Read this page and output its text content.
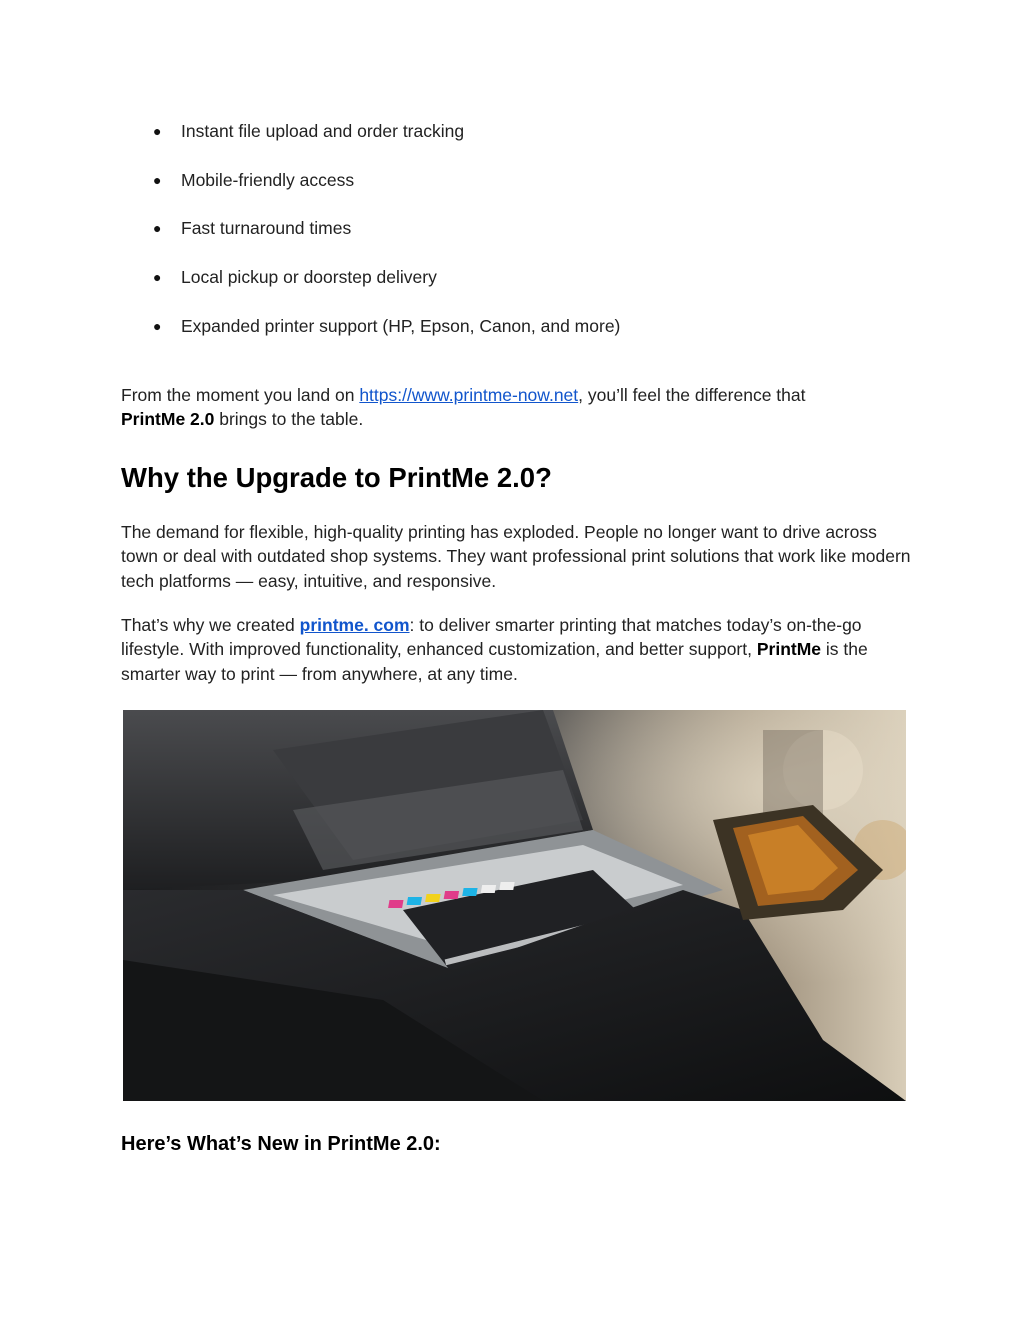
●	Instant file upload and order tracking
●	Mobile-friendly access
●	Fast turnaround times
●	Local pickup or doorstep delivery
●	Expanded printer support (HP, Epson, Canon, and more)

From the moment you land on https://www.printme-now.net, you’ll feel the difference that
PrintMe 2.0 brings to the table.

Why the Upgrade to PrintMe 2.0?

The demand for flexible, high-quality printing has exploded. People no longer want to drive across town or deal with outdated shop systems. They want professional print solutions that work like modern tech platforms — easy, intuitive, and responsive.

That’s why we created printme. com: to deliver smarter printing that matches today’s on-the-go lifestyle. With improved functionality, enhanced customization, and better support, PrintMe is the smarter way to print — from anywhere, at any time.

Here’s What’s New in PrintMe 2.0:
